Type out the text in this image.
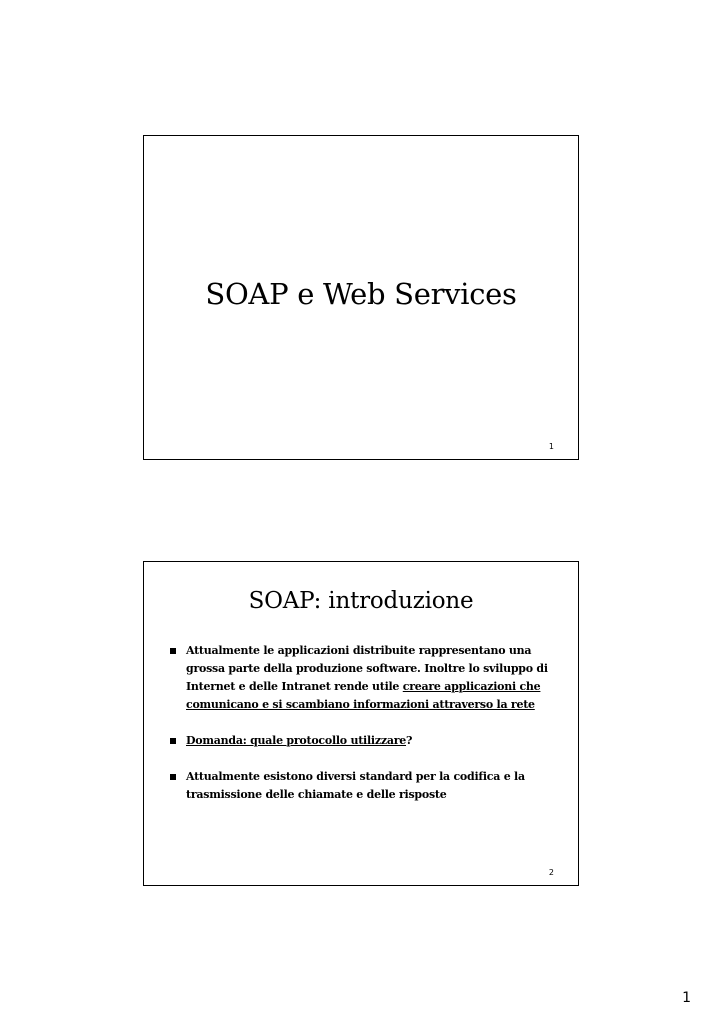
SOAP e Web Services
1
SOAP: introduzione
Attualmente le applicazioni distribuite rappresentano una grossa parte della produzione software. Inoltre lo sviluppo di Internet e delle Intranet rende utile creare applicazioni che comunicano e si scambiano informazioni attraverso la rete
Domanda: quale protocollo utilizzare?
Attualmente esistono diversi standard per la codifica e la trasmissione delle chiamate e delle risposte
2
1
